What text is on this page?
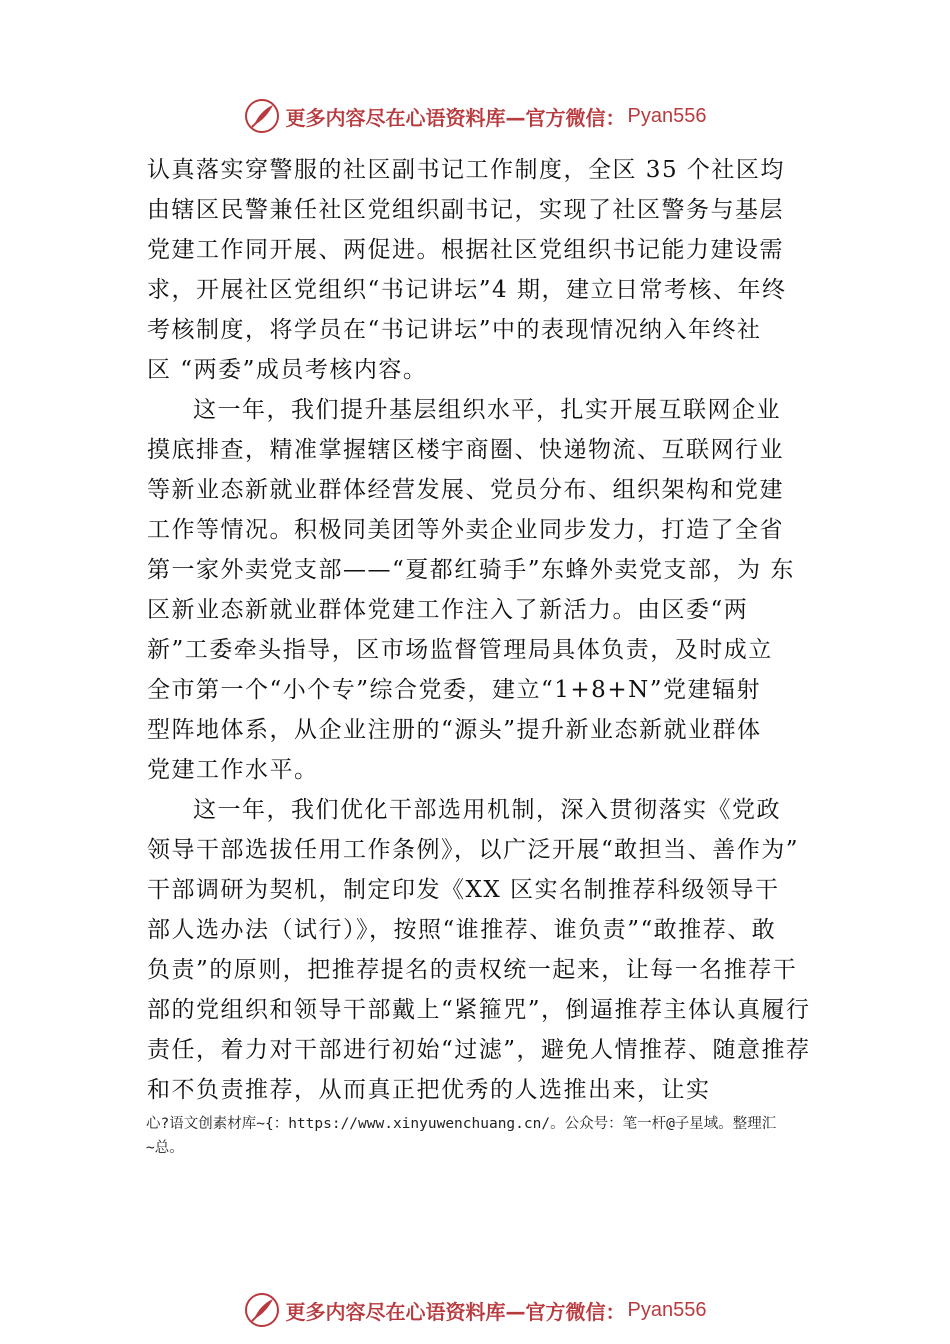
更多内容尽在心语资料库—官方微信： Pyan556
认真落实穿警服的社区副书记工作制度，全区 35 个社区均
由辖区民警兼任社区党组织副书记，实现了社区警务与基层
党建工作同开展、两促进。根据社区党组织书记能力建设需
求，开展社区党组织“书记讲坛”4 期，建立日常考核、年终
考核制度，将学员在“书记讲坛”中的表现情况纳入年终社
区 “两委”成员考核内容。
这一年，我们提升基层组织水平，扎实开展互联网企业
摸底排查，精准掌握辖区楼宇商圈、快递物流、互联网行业
等新业态新就业群体经营发展、党员分布、组织架构和党建
工作等情况。积极同美团等外卖企业同步发力，打造了全省
第一家外卖党支部——“夏都红骑手”东蜂外卖党支部，为 东
区新业态新就业群体党建工作注入了新活力。由区委“两
新”工委牵头指导，区市场监督管理局具体负责，及时成立
全市第一个“小个专”综合党委，建立“1+8+N”党建辐射
型阵地体系，从企业注册的“源头”提升新业态新就业群体
党建工作水平。
这一年，我们优化干部选用机制，深入贯彻落实《党政
领导干部选拔任用工作条例》，以广泛开展“敢担当、善作为”
干部调研为契机，制定印发《XX 区实名制推荐科级领导干
部人选办法（试行）》，按照“谁推荐、谁负责”“敢推荐、敢
负责”的原则，把推荐提名的责权统一起来，让每一名推荐干
部的党组织和领导干部戴上“紧箍咒”，倒逼推荐主体认真履行
责任，着力对干部进行初始“过滤”，避免人情推荐、随意推荐
和不负责推荐，从而真正把优秀的人选推出来，让实
心?语文创素材库~{：https://www.xinyuwenchuang.cn/。公众号：笔一杆@子星域。整理汇
~总。
更多内容尽在心语资料库—官方微信： Pyan556
